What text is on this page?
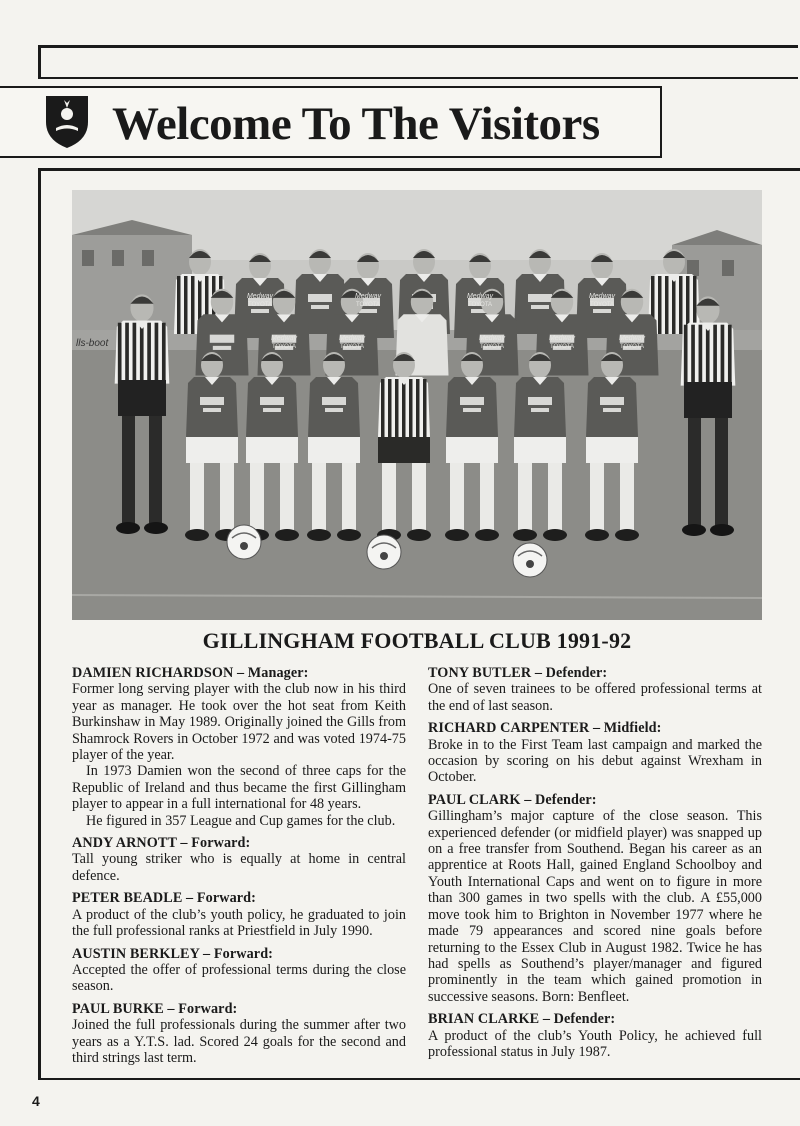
Welcome To The Visitors
lls-boot
Medway
TOYOTA
Medway
TOYOTA
Medway
TOYOTA
Medway
TOYOTA
Medway
TOYOTA
Medway
TOYOTA
Medway
TOYOTA
Medway
TOYOTA
Medway
TOYOTA
GILLINGHAM FOOTBALL CLUB 1991-92
DAMIEN RICHARDSON – Manager:

Former long serving player with the club now in his third year as manager. He took over the hot seat from Keith Burkinshaw in May 1989. Originally joined the Gills from Shamrock Rovers in October 1972 and was voted 1974-75 player of the year.

In 1973 Damien won the second of three caps for the Republic of Ireland and thus became the first Gillingham player to appear in a full international for 48 years.

He figured in 357 League and Cup games for the club.

ANDY ARNOTT – Forward:

Tall young striker who is equally at home in central defence.

PETER BEADLE – Forward:

A product of the club’s youth policy, he graduated to join the full professional ranks at Priestfield in July 1990.

AUSTIN BERKLEY – Forward:

Accepted the offer of professional terms during the close season.

PAUL BURKE – Forward:

Joined the full professionals during the summer after two years as a Y.T.S. lad. Scored 24 goals for the second and third strings last term.

TONY BUTLER – Defender:

One of seven trainees to be offered professional terms at the end of last season.

RICHARD CARPENTER – Midfield:

Broke in to the First Team last campaign and marked the occasion by scoring on his debut against Wrexham in October.

PAUL CLARK – Defender:

Gillingham’s major capture of the close season. This experienced defender (or midfield player) was snapped up on a free transfer from Southend. Began his career as an apprentice at Roots Hall, gained England Schoolboy and Youth International Caps and went on to figure in more than 300 games in two spells with the club. A £55,000 move took him to Brighton in November 1977 where he made 79 appearances and scored nine goals before returning to the Essex Club in August 1982. Twice he has had spells as Southend’s player/manager and figured prominently in the team which gained promotion in successive seasons. Born: Benfleet.

BRIAN CLARKE – Defender:

A product of the club’s Youth Policy, he achieved full professional status in July 1987.

4
